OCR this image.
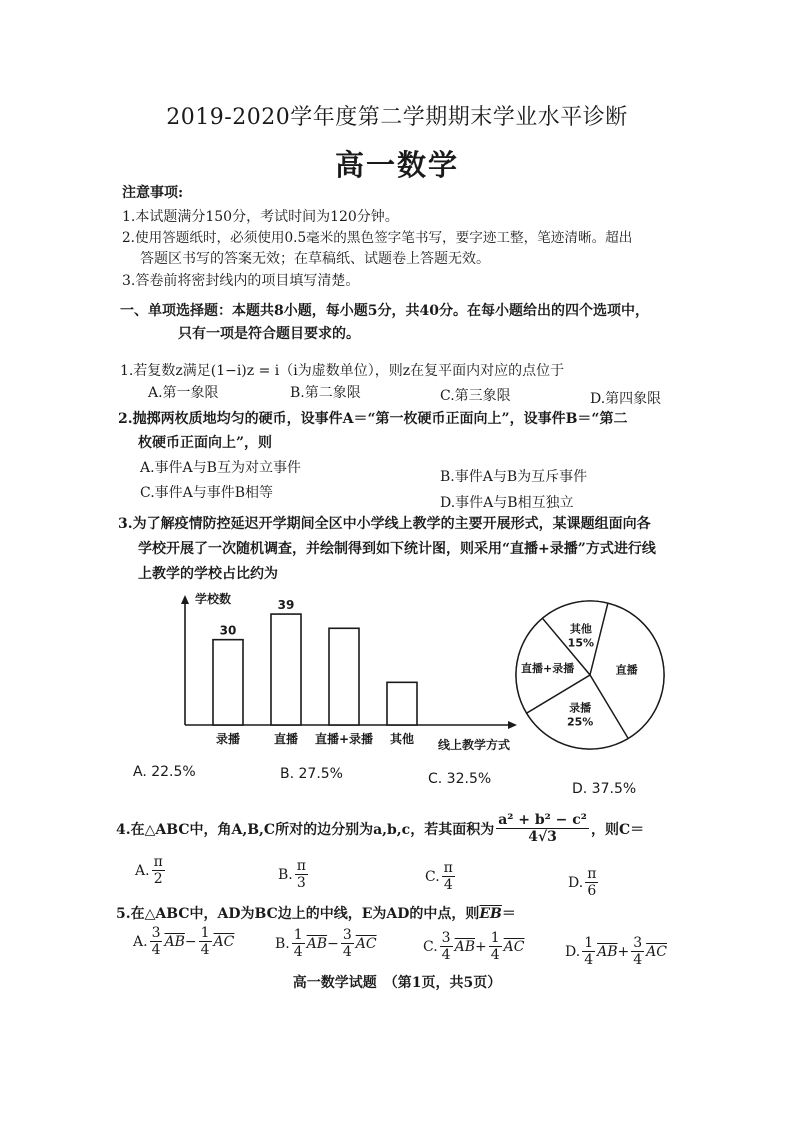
2019-2020学年度第二学期期末学业水平诊断
高一数学
注意事项:
1.本试题满分150分，考试时间为120分钟。
2.使用答题纸时，必须使用0.5毫米的黑色签字笔书写，要字迹工整，笔迹清晰。超出
答题区书写的答案无效；在草稿纸、试题卷上答题无效。
3.答卷前将密封线内的项目填写清楚。
一、单项选择题：本题共8小题，每小题5分，共40分。在每小题给出的四个选项中，
只有一项是符合题目要求的。
1.若复数z满足(1−i)z = i（i为虚数单位），则z在复平面内对应的点位于
A.第一象限	B.第二象限	C.第三象限	D.第四象限
2.抛掷两枚质地均匀的硬币，设事件A＝“第一枚硬币正面向上”，设事件B＝“第二
枚硬币正面向上”，则
A.事件A与B互为对立事件
B.事件A与B为互斥事件
C.事件A与事件B相等
D.事件A与B相互独立
3.为了解疫情防控延迟开学期间全区中小学线上教学的主要开展形式，某课题组面向各
学校开展了一次随机调查，并绘制得到如下统计图，则采用“直播+录播”方式进行线
上教学的学校占比约为
学校数
线上教学方式
录播
30
直播
39
直播+录播 其他
其他
15%
直播
录播
25%
直播+录播
A. 22.5%	B. 27.5%	C. 32.5%
D. 37.5%
4.在△ABC中，角A,B,C所对的边分别为a,b,c，若其面积为 $\frac{\text{a² + b² − c²}}{4√3}$ ，则C＝
A. $\frac{\pi}{2}$	B. $\frac{\pi}{3}$	C. $\frac{\pi}{4}$	D. $\frac{\pi}{6}$
5.在△ABC中，AD为BC边上的中线，E为AD的中点，则$\overline{EB}=$
A. $\frac{3}{4} \overline{AB} - \frac{1}{4} \overline{AC}$	B. $\frac{1}{4} \overline{AB} - \frac{3}{4} \overline{AC}$	C. $\frac{3}{4} \overline{AB} + \frac{1}{4} \overline{AC}$	D. $\frac{1}{4} \overline{AB} + \frac{3}{4} \overline{AC}$
高一数学试题　（第1页，共5页）
